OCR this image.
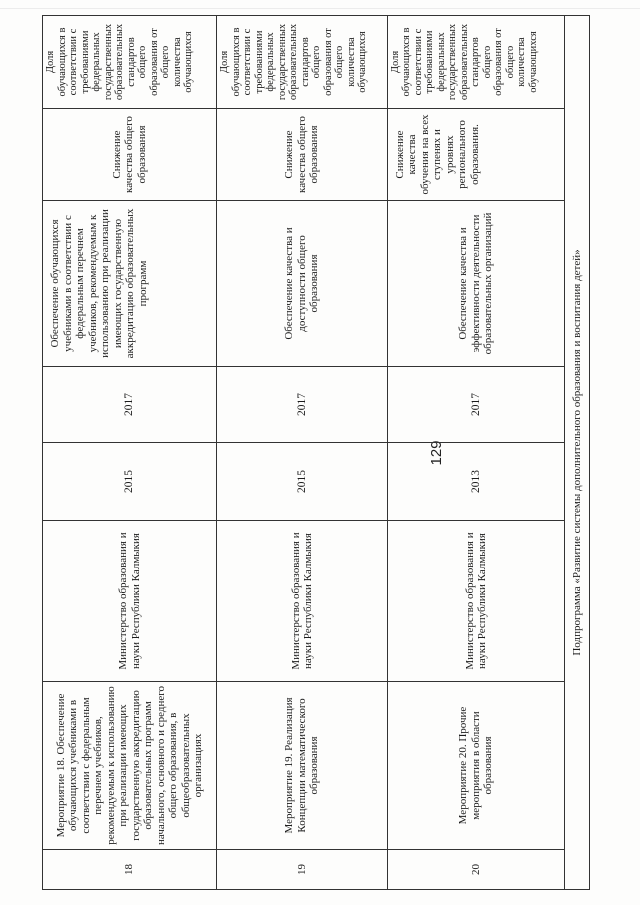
129
18	Мероприятие 18. Обеспечение обучающихся учебниками в соответствии с федеральным перечнем учебников, рекомендуемым к использованию при реализации имеющих государственную аккредитацию образовательных программ начального, основного и среднего общего образования, в общеобразовательных организациях	Министерство образования и науки Республики Калмыкия	2015	2017	Обеспечение обучающихся учебниками в соответствии с федеральным перечнем учебников, рекомендуемым к использованию при реализации имеющих государственную аккредитацию образовательных программ	Снижение качества общего образования	Доля обучающихся в соответствии с требованиями федеральных государственных образовательных стандартов общего образования от общего количества обучающихся
19	Мероприятие 19. Реализация Концепции математического образования	Министерство образования и науки Республики Калмыкия	2015	2017	Обеспечение качества и доступности общего образования	Снижение качества общего образования	Доля обучающихся в соответствии с требованиями федеральных государственных образовательных стандартов общего образования от общего количества обучающихся
20	Мероприятие 20. Прочие мероприятия в области образования	Министерство образования и науки Республики Калмыкия	2013	2017	Обеспечение качества и эффективности деятельности образовательных организаций	Снижение качества обучения на всех ступенях и уровнях регионального образования.	Доля обучающихся в соответствии с требованиями федеральных государственных образовательных стандартов общего образования от общего количества обучающихся
Подпрограмма «Развитие системы дополнительного образования и воспитания детей»							
